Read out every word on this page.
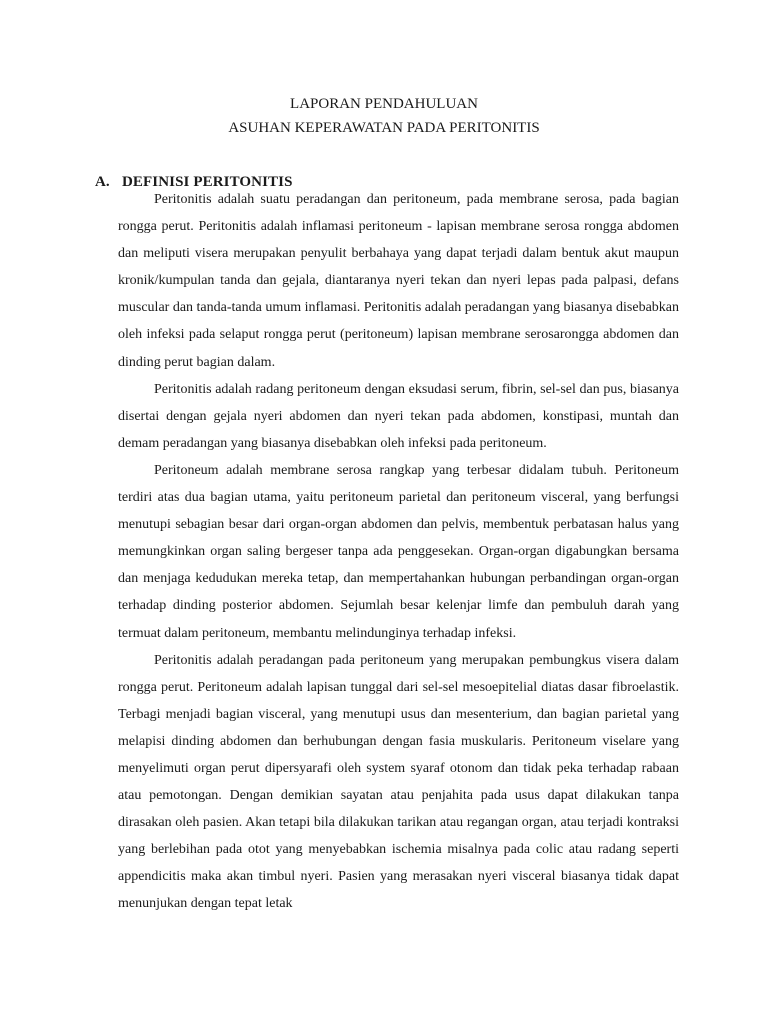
LAPORAN PENDAHULUAN
ASUHAN KEPERAWATAN PADA PERITONITIS
A. DEFINISI PERITONITIS

Peritonitis adalah suatu peradangan dan peritoneum, pada membrane serosa, pada bagian rongga perut. Peritonitis adalah inflamasi peritoneum - lapisan membrane serosa rongga abdomen dan meliputi visera merupakan penyulit berbahaya yang dapat terjadi dalam bentuk akut maupun kronik/kumpulan tanda dan gejala, diantaranya nyeri tekan dan nyeri lepas pada palpasi, defans muscular dan tanda-tanda umum inflamasi. Peritonitis adalah peradangan yang biasanya disebabkan oleh infeksi pada selaput rongga perut (peritoneum) lapisan membrane serosarongga abdomen dan dinding perut bagian dalam.

Peritonitis adalah radang peritoneum dengan eksudasi serum, fibrin, sel-sel dan pus, biasanya disertai dengan gejala nyeri abdomen dan nyeri tekan pada abdomen, konstipasi, muntah dan demam peradangan yang biasanya disebabkan oleh infeksi pada peritoneum.

Peritoneum adalah membrane serosa rangkap yang terbesar didalam tubuh. Peritoneum terdiri atas dua bagian utama, yaitu peritoneum parietal dan peritoneum visceral, yang berfungsi menutupi sebagian besar dari organ-organ abdomen dan pelvis, membentuk perbatasan halus yang memungkinkan organ saling bergeser tanpa ada penggesekan. Organ-organ digabungkan bersama dan menjaga kedudukan mereka tetap, dan mempertahankan hubungan perbandingan organ-organ terhadap dinding posterior abdomen. Sejumlah besar kelenjar limfe dan pembuluh darah yang termuat dalam peritoneum, membantu melindunginya terhadap infeksi.

Peritonitis adalah peradangan pada peritoneum yang merupakan pembungkus visera dalam rongga perut. Peritoneum adalah lapisan tunggal dari sel-sel mesoepitelial diatas dasar fibroelastik. Terbagi menjadi bagian visceral, yang menutupi usus dan mesenterium, dan bagian parietal yang melapisi dinding abdomen dan berhubungan dengan fasia muskularis. Peritoneum viselare yang menyelimuti organ perut dipersyarafi oleh system syaraf otonom dan tidak peka terhadap rabaan atau pemotongan. Dengan demikian sayatan atau penjahita pada usus dapat dilakukan tanpa dirasakan oleh pasien. Akan tetapi bila dilakukan tarikan atau regangan organ, atau terjadi kontraksi yang berlebihan pada otot yang menyebabkan ischemia misalnya pada colic atau radang seperti appendicitis maka akan timbul nyeri. Pasien yang merasakan nyeri visceral biasanya tidak dapat menunjukan dengan tepat letak
